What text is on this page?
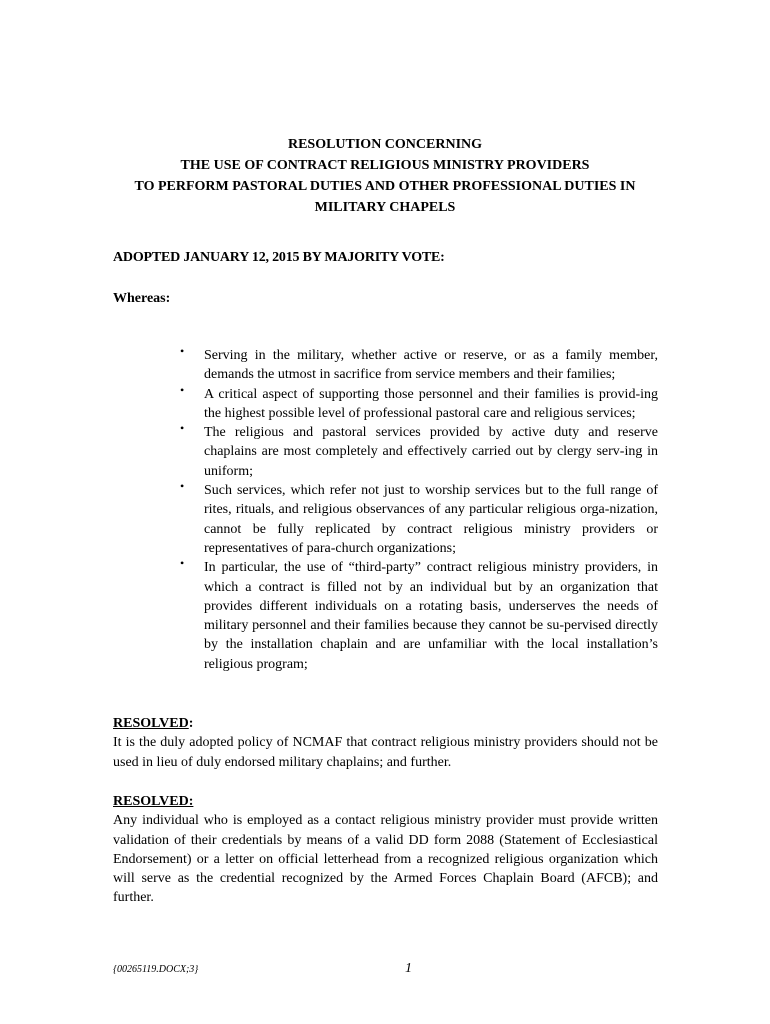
RESOLUTION CONCERNING
THE USE OF CONTRACT RELIGIOUS MINISTRY PROVIDERS
TO PERFORM PASTORAL DUTIES AND OTHER PROFESSIONAL DUTIES IN
MILITARY CHAPELS
ADOPTED JANUARY 12, 2015 BY MAJORITY VOTE:
Whereas:
• Serving in the military, whether active or reserve, or as a family member, demands the utmost in sacrifice from service members and their families;
• A critical aspect of supporting those personnel and their families is provid-ing the highest possible level of professional pastoral care and religious services;
• The religious and pastoral services provided by active duty and reserve chaplains are most completely and effectively carried out by clergy serv-ing in uniform;
• Such services, which refer not just to worship services but to the full range of rites, rituals, and religious observances of any particular religious orga-nization, cannot be fully replicated by contract religious ministry providers or representatives of para-church organizations;
• In particular, the use of “third-party” contract religious ministry providers, in which a contract is filled not by an individual but by an organization that provides different individuals on a rotating basis, underserves the needs of military personnel and their families because they cannot be su-pervised directly by the installation chaplain and are unfamiliar with the local installation’s religious program;
RESOLVED:
It is the duly adopted policy of NCMAF that contract religious ministry providers should not be used in lieu of duly endorsed military chaplains; and further.
RESOLVED:
Any individual who is employed as a contact religious ministry provider must provide written validation of their credentials by means of a valid DD form 2088 (Statement of Ecclesiastical Endorsement) or a letter on official letterhead from a recognized religious organization which will serve as the credential recognized by the Armed Forces Chaplain Board (AFCB); and further.
{00265119.DOCX;3}	1
